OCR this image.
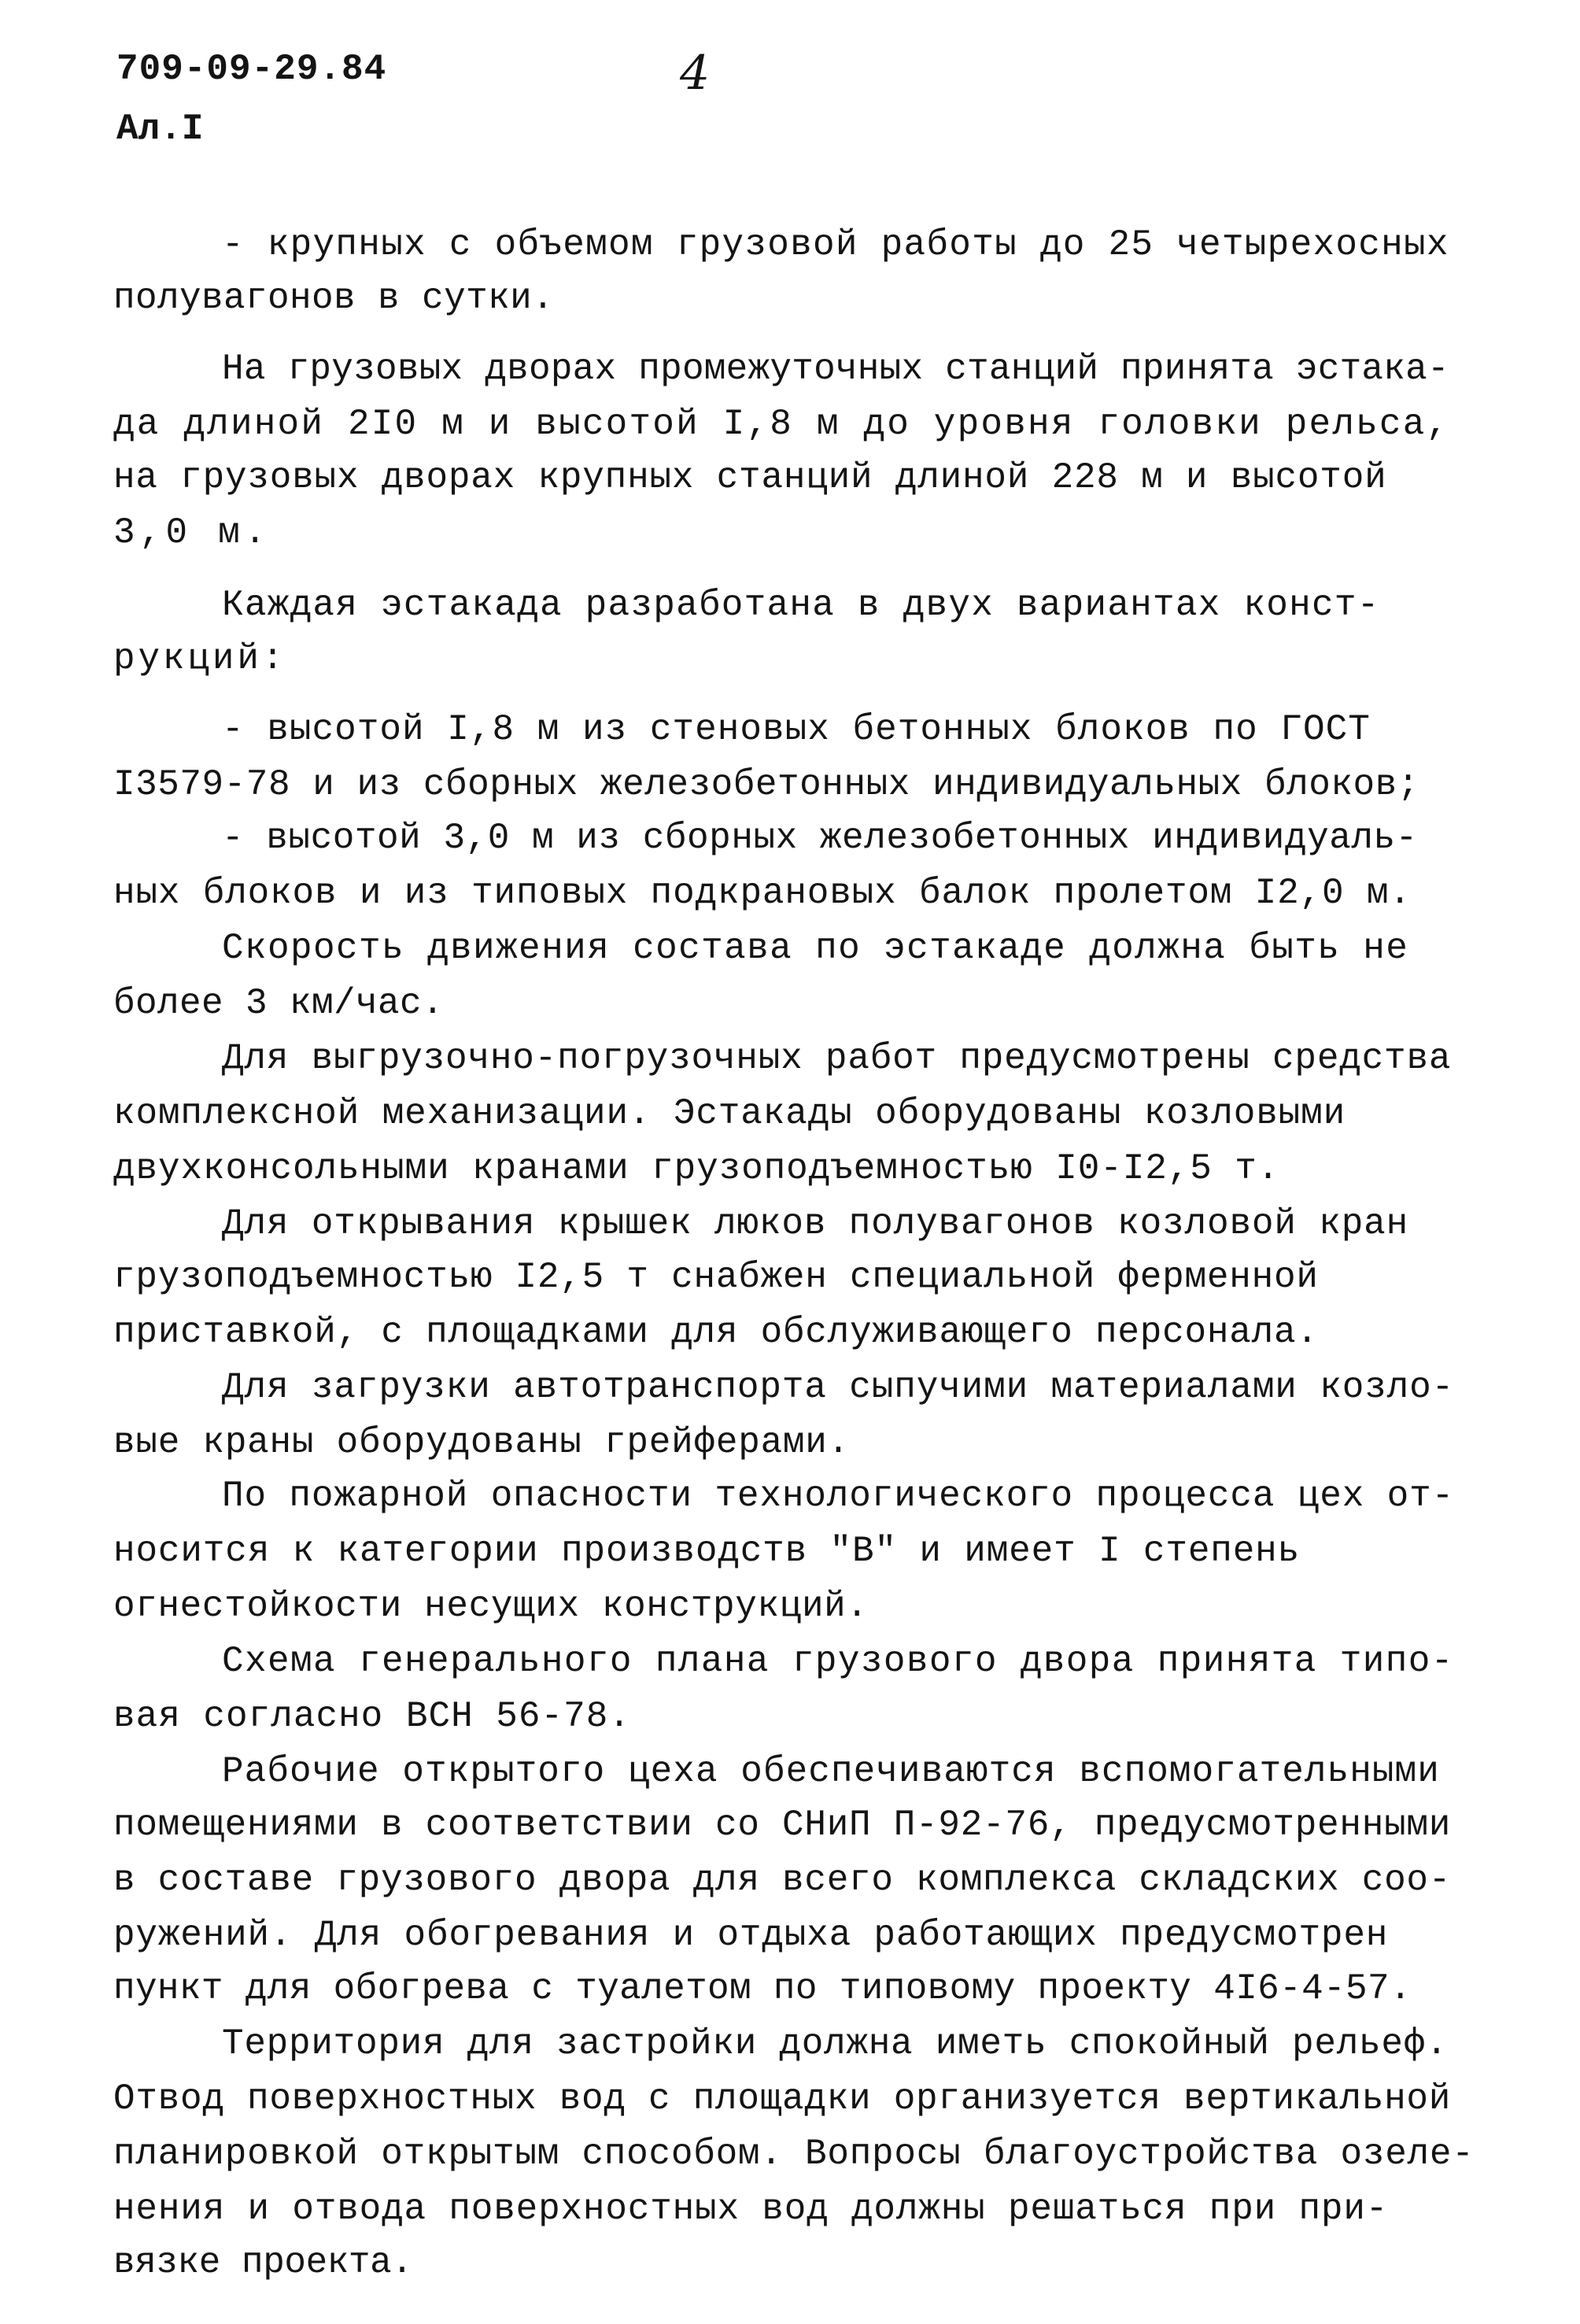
709-09-29.84
Ал.I
4
- крупных с объемом грузовой работы до 25 четырехосных
полувагонов в сутки.
На грузовых дворах промежуточных станций принята эстака-
да длиной 2I0 м и высотой I,8 м до уровня головки рельса,
на грузовых дворах крупных станций длиной 228 м и высотой
3,0 м.
Каждая эстакада разработана в двух вариантах конст-
рукций:
- высотой I,8 м из стеновых бетонных блоков по ГОСТ
I3579-78 и из сборных железобетонных индивидуальных блоков;
- высотой 3,0 м из сборных железобетонных индивидуаль-
ных блоков и из типовых подкрановых балок пролетом I2,0 м.
Скорость движения состава по эстакаде должна быть не
более 3 км/час.
Для выгрузочно-погрузочных работ предусмотрены средства
комплексной механизации. Эстакады оборудованы козловыми
двухконсольными кранами грузоподъемностью I0-I2,5 т.
Для открывания крышек люков полувагонов козловой кран
грузоподъемностью I2,5 т снабжен специальной ферменной
приставкой, с площадками для обслуживающего персонала.
Для загрузки автотранспорта сыпучими материалами козло-
вые краны оборудованы грейферами.
По пожарной опасности технологического процесса цех от-
носится к категории производств "В" и имеет I степень
огнестойкости несущих конструкций.
Схема генерального плана грузового двора принята типо-
вая согласно ВСН 56-78.
Рабочие открытого цеха обеспечиваются вспомогательными
помещениями в соответствии со СНиП П-92-76, предусмотренными
в составе грузового двора для всего комплекса складских соо-
ружений. Для обогревания и отдыха работающих предусмотрен
пункт для обогрева с туалетом по типовому проекту 4I6-4-57.
Территория для застройки должна иметь спокойный рельеф.
Отвод поверхностных вод с площадки организуется вертикальной
планировкой открытым способом. Вопросы благоустройства озеле-
нения и отвода поверхностных вод должны решаться при при-
вязке проекта.
